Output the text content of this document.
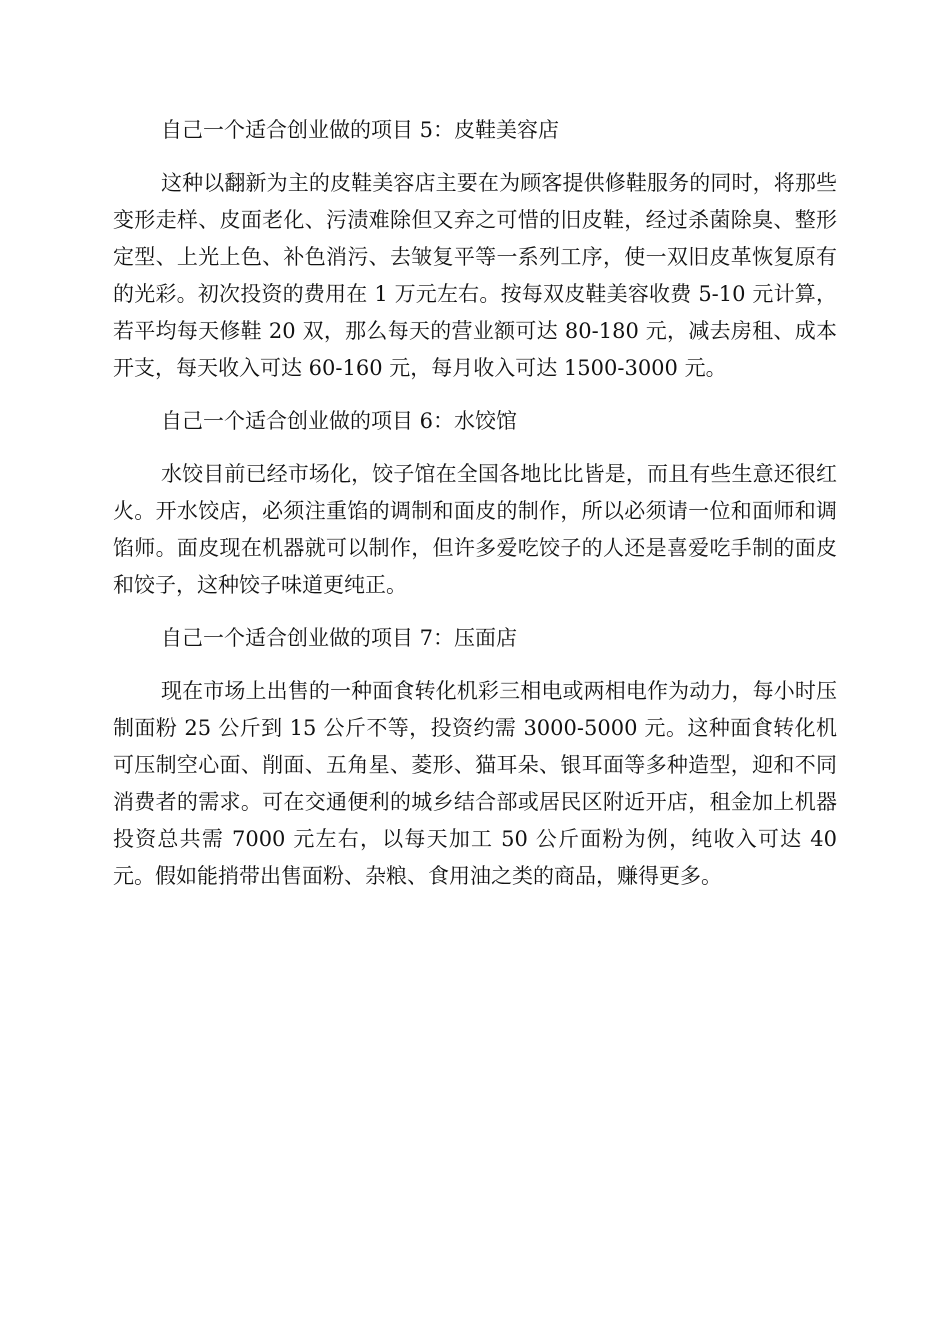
自己一个适合创业做的项目 5：皮鞋美容店
这种以翻新为主的皮鞋美容店主要在为顾客提供修鞋服务的同时，将那些变形走样、皮面老化、污渍难除但又弃之可惜的旧皮鞋，经过杀菌除臭、整形定型、上光上色、补色消污、去皱复平等一系列工序，使一双旧皮革恢复原有的光彩。初次投资的费用在 1 万元左右。按每双皮鞋美容收费 5-10 元计算，若平均每天修鞋 20 双，那么每天的营业额可达 80-180 元，减去房租、成本开支，每天收入可达 60-160 元，每月收入可达 1500-3000 元。
自己一个适合创业做的项目 6：水饺馆
水饺目前已经市场化，饺子馆在全国各地比比皆是，而且有些生意还很红火。开水饺店，必须注重馅的调制和面皮的制作，所以必须请一位和面师和调馅师。面皮现在机器就可以制作，但许多爱吃饺子的人还是喜爱吃手制的面皮和饺子，这种饺子味道更纯正。
自己一个适合创业做的项目 7：压面店
现在市场上出售的一种面食转化机彩三相电或两相电作为动力，每小时压制面粉 25 公斤到 15 公斤不等，投资约需 3000-5000 元。这种面食转化机可压制空心面、削面、五角星、菱形、猫耳朵、银耳面等多种造型，迎和不同消费者的需求。可在交通便利的城乡结合部或居民区附近开店，租金加上机器投资总共需 7000 元左右，以每天加工 50 公斤面粉为例，纯收入可达 40 元。假如能捎带出售面粉、杂粮、食用油之类的商品，赚得更多。
